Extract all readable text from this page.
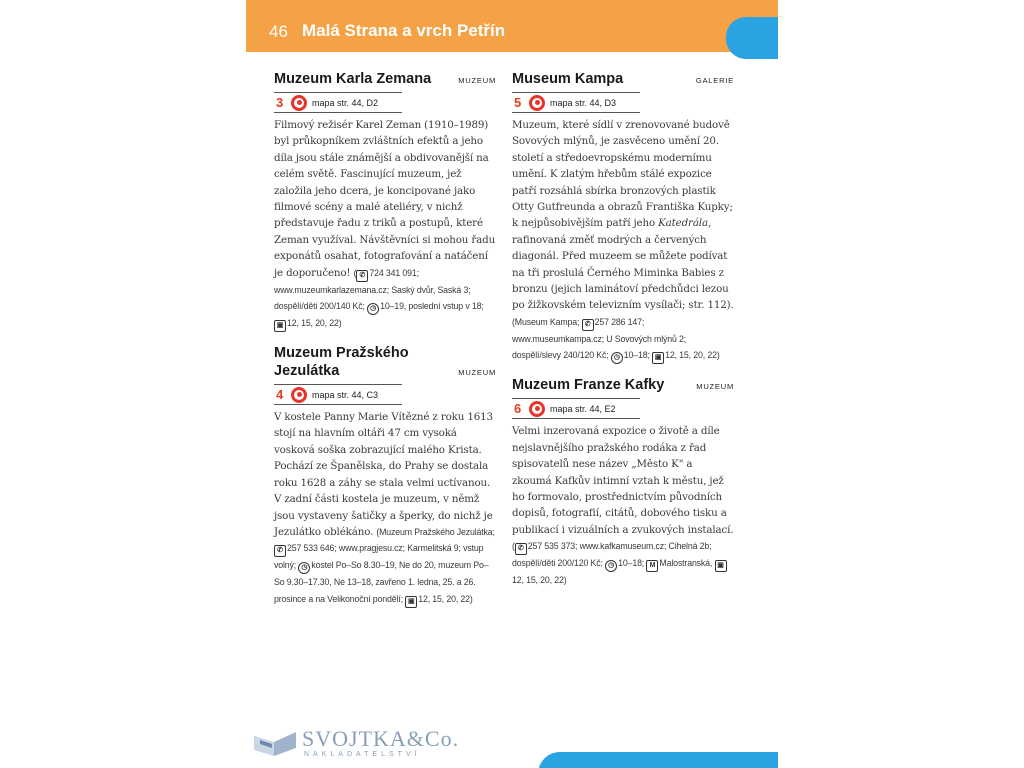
46 Malá Strana a vrch Petřín
Muzeum Karla Zemana	MUZEUM
3	mapa str. 44, D2
Filmový režisér Karel Zeman (1910–1989) byl průkopníkem zvláštních efektů a jeho díla jsou stále známější a obdivovanější na celém světě. Fascinující muzeum, jež založila jeho dcera, je koncipované jako filmové scény a malé ateliéry, v nichž představuje řadu z triků a postupů, které Zeman využíval. Návštěvníci si mohou řadu exponátů osahat, fotografování a natáčení je doporučeno! ( ✆ 724 341 091; www.muzeumkarlazemana.cz; Saský dvůr, Saská 3; dospělí/děti 200/140 Kč; ◷ 10–19, poslední vstup v 18; ▣ 12, 15, 20, 22)
Muzeum Pražského Jezulátka	MUZEUM
4	mapa str. 44, C3
V kostele Panny Marie Vítězné z roku 1613 stojí na hlavním oltáři 47 cm vysoká vosková soška zobrazující malého Krista. Pochází ze Španělska, do Prahy se dostala roku 1628 a záhy se stala velmi uctívanou. V zadní části kostela je muzeum, v němž jsou vystaveny šatičky a šperky, do nichž je Jezulátko oblékáno. (Muzeum Pražského Jezulátka; ✆ 257 533 646; www.pragjesu.cz; Karmelitská 9; vstup volný; ◷ kostel Po–So 8.30–19, Ne do 20, muzeum Po–So 9.30–17.30, Ne 13–18, zavřeno 1. ledna, 25. a 26. prosince a na Velikonoční pondělí; ▣ 12, 15, 20, 22)
Museum Kampa	GALERIE
5	mapa str. 44, D3
Muzeum, které sídlí v zrenovované budově Sovových mlýnů, je zasvěceno umění 20. století a středoevropskému modernímu umění. K zlatým hřebům stálé expozice patří rozsáhlá sbírka bronzových plastik Otty Gutfreunda a obrazů Františka Kupky; k nejpůsobivějším patří jeho Katedrála, rafinovaná změť modrých a červených diagonál. Před muzeem se můžete podívat na tři proslulá Černého Miminka Babies z bronzu (jejich laminátoví předchůdci lezou po žižkovském televizním vysílači; str. 112). (Museum Kampa; ✆ 257 286 147; www.museumkampa.cz; U Sovových mlýnů 2; dospělí/slevy 240/120 Kč; ◷ 10–18; ▣ 12, 15, 20, 22)
Muzeum Franze Kafky	MUZEUM
6	mapa str. 44, E2
Velmi inzerovaná expozice o životě a díle nejslavnějšího pražského rodáka z řad spisovatelů nese název „Město K" a zkoumá Kafkův intimní vztah k městu, jež ho formovalo, prostřednictvím původních dopisů, fotografií, citátů, dobového tisku a publikací i vizuálních a zvukových instalací. ( ✆ 257 535 373; www.kafkamuseum.cz; Cihelná 2b; dospělí/děti 200/120 Kč; ◷ 10–18; M Malostranská, ▣12, 15, 20, 22)
SVOJTKA&Co.
NAKLADATELSTVÍ
